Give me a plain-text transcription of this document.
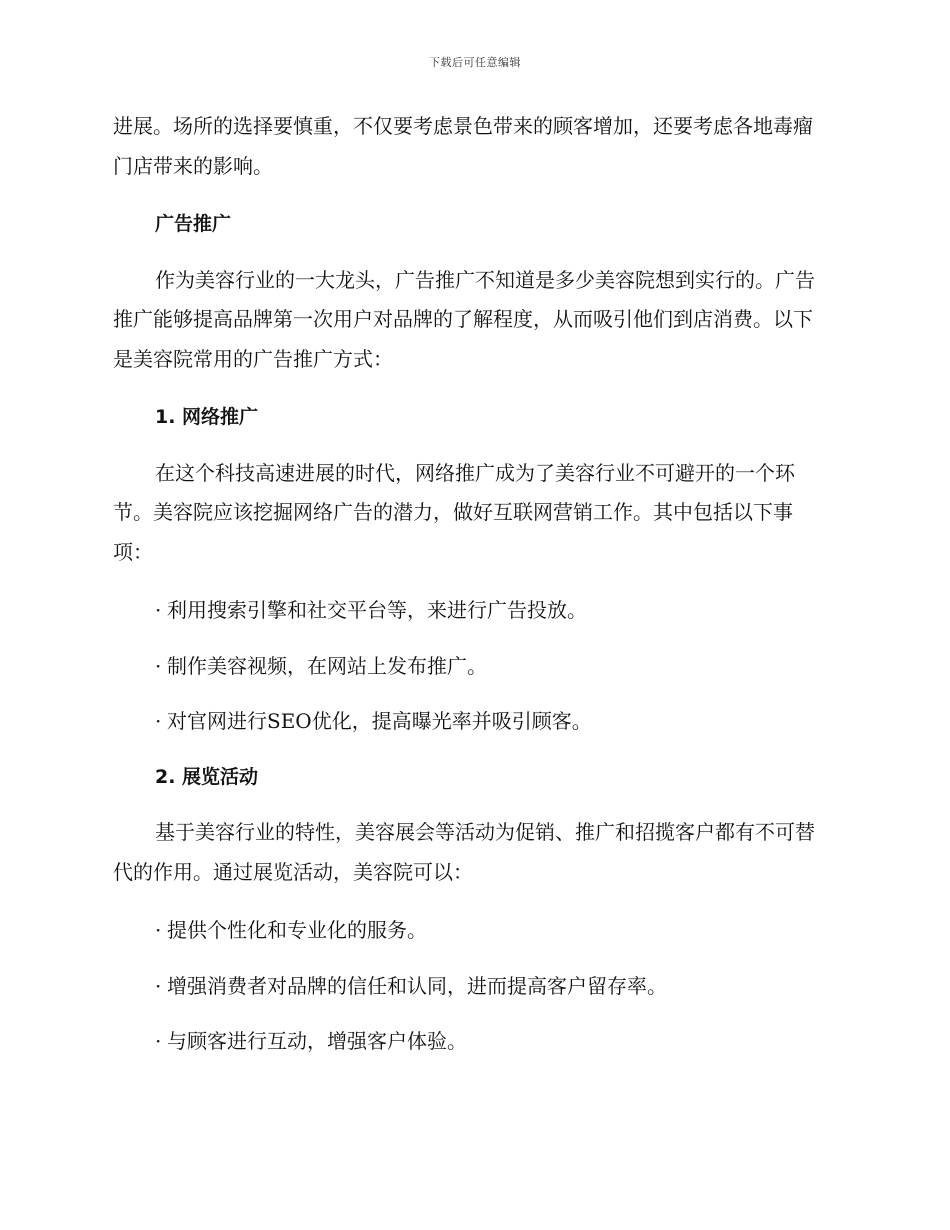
下载后可任意编辑

进展。场所的选择要慎重，不仅要考虑景色带来的顾客增加，还要考虑各地毒瘤门店带来的影响。

广告推广

作为美容行业的一大龙头，广告推广不知道是多少美容院想到实行的。广告推广能够提高品牌第一次用户对品牌的了解程度，从而吸引他们到店消费。以下是美容院常用的广告推广方式：

1. 网络推广

在这个科技高速进展的时代，网络推广成为了美容行业不可避开的一个环节。美容院应该挖掘网络广告的潜力，做好互联网营销工作。其中包括以下事项：

· 利用搜索引擎和社交平台等，来进行广告投放。
· 制作美容视频，在网站上发布推广。
· 对官网进行SEO优化，提高曝光率并吸引顾客。
2. 展览活动

基于美容行业的特性，美容展会等活动为促销、推广和招揽客户都有不可替代的作用。通过展览活动，美容院可以：

· 提供个性化和专业化的服务。
· 增强消费者对品牌的信任和认同，进而提高客户留存率。
· 与顾客进行互动，增强客户体验。
